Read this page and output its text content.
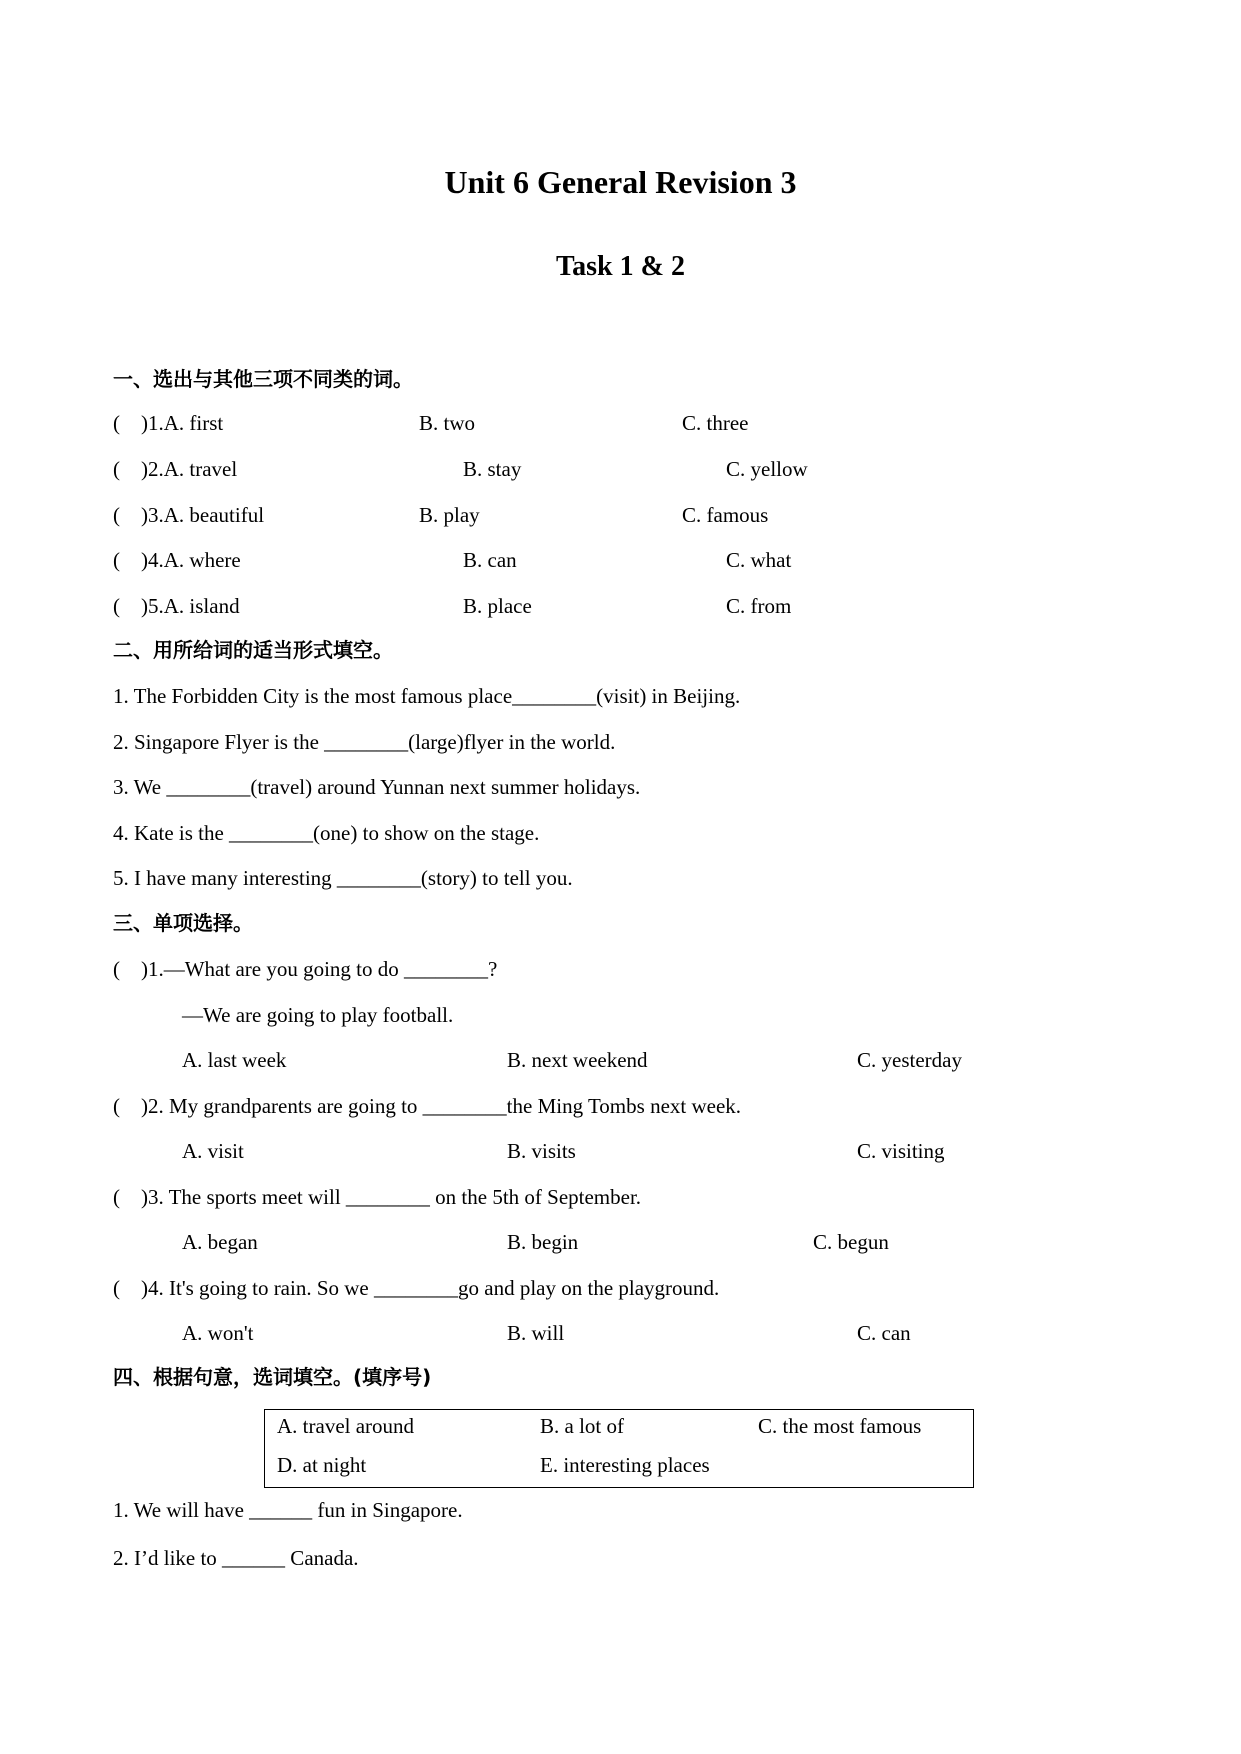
Unit 6 General Revision 3
Task 1 & 2
一、选出与其他三项不同类的词。
(    )1.A. first	B. two	C. three
(    )2.A. travel	B. stay	C. yellow
(    )3.A. beautiful	B. play	C. famous
(    )4.A. where	B. can	C. what
(    )5.A. island	B. place	C. from
二、用所给词的适当形式填空。
1. The Forbidden City is the most famous place________(visit) in Beijing.
2. Singapore Flyer is the ________(large)flyer in the world.
3. We ________(travel) around Yunnan next summer holidays.
4. Kate is the ________(one) to show on the stage.
5. I have many interesting ________(story) to tell you.
三、单项选择。
(    )1.—What are you going to do ________?
—We are going to play football.
A. last week	B. next weekend	C. yesterday
(    )2. My grandparents are going to ________the Ming Tombs next week.
A. visit	B. visits	C. visiting
(    )3. The sports meet will ________ on the 5th of September.
A. began	B. begin	C. begun
(    )4. It's going to rain. So we ________go and play on the playground.
A. won't	B. will	C. can
四、根据句意，选词填空。(填序号)
A. travel around	B. a lot of	C. the most famous
D. at night	E. interesting places
1. We will have ______ fun in Singapore.
2. I’d like to ______ Canada.
